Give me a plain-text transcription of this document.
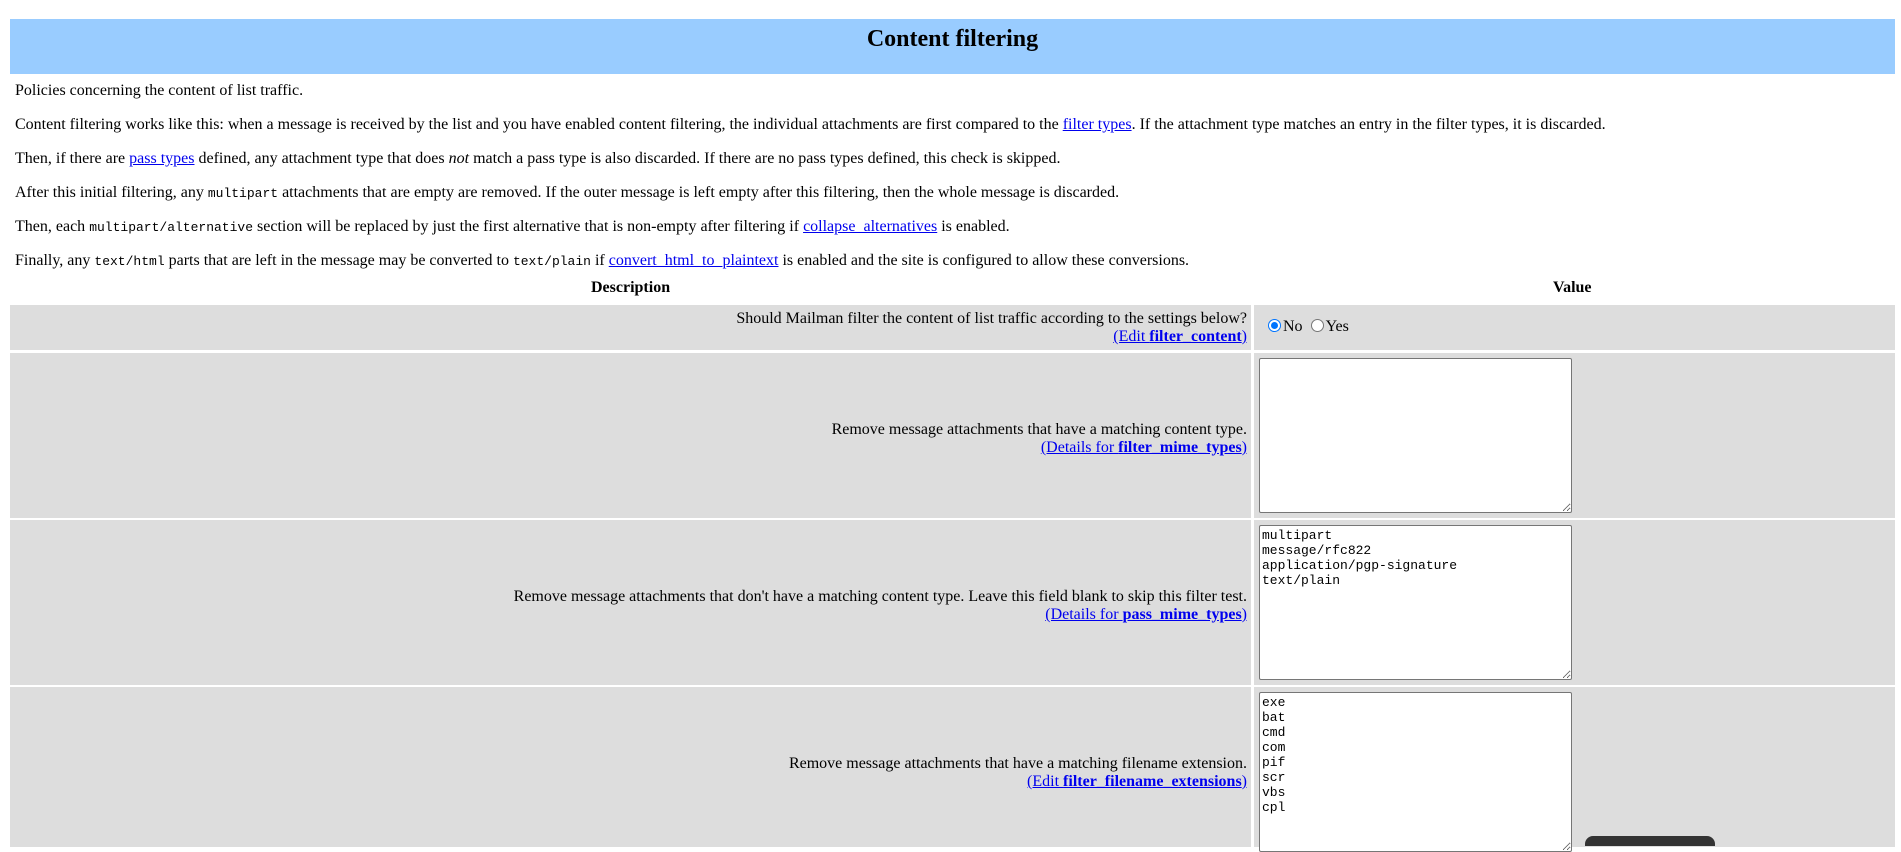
Content filtering

Policies concerning the content of list traffic.

Content filtering works like this: when a message is received by the list and you have enabled content filtering, the individual attachments are first compared to the filter types. If the attachment type matches an entry in the filter types, it is discarded.

Then, if there are pass types defined, any attachment type that does not match a pass type is also discarded. If there are no pass types defined, this check is skipped.

After this initial filtering, any multipart attachments that are empty are removed. If the outer message is left empty after this filtering, then the whole message is discarded.

Then, each multipart/alternative section will be replaced by just the first alternative that is non-empty after filtering if collapse_alternatives is enabled.

Finally, any text/html parts that are left in the message may be converted to text/plain if convert_html_to_plaintext is enabled and the site is configured to allow these conversions.

Description	Value
Should Mailman filter the content of list traffic according to the settings below?
(Edit filter_content)
No Yes
Remove message attachments that have a matching content type.
(Details for filter_mime_types)
Remove message attachments that don't have a matching content type. Leave this field blank to skip this filter test.
(Details for pass_mime_types)
multipart message/rfc822 application/pgp-signature text/plain
Remove message attachments that have a matching filename extension.
(Edit filter_filename_extensions)
exe bat cmd com pif scr vbs cpl
